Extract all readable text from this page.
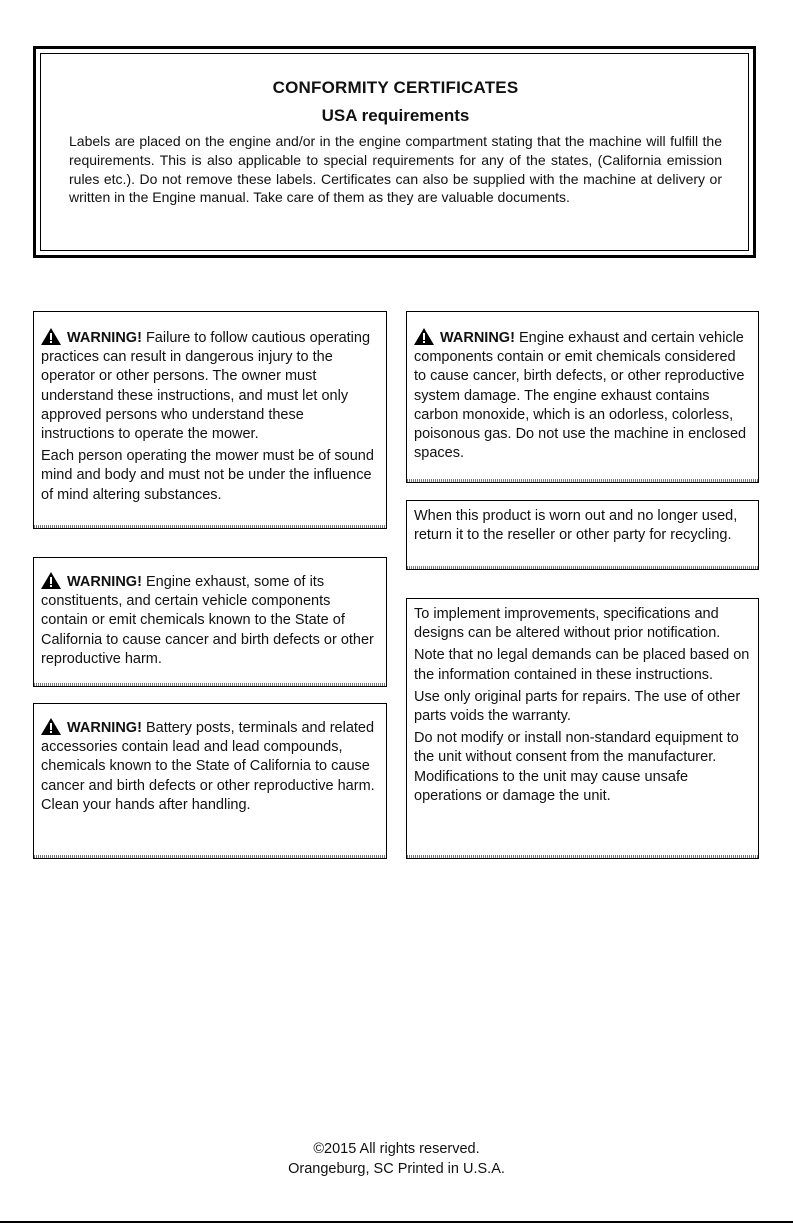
CONFORMITY CERTIFICATES
USA requirements
Labels are placed on the engine and/or in the engine compartment stating that the machine will fulfill the requirements. This is also applicable to special requirements for any of the states, (California emission rules etc.). Do not remove these labels. Certificates can also be supplied with the machine at delivery or written in the Engine manual. Take care of them as they are valuable documents.

WARNING! Failure to follow cautious operating practices can result in dangerous injury to the operator or other persons. The owner must understand these instructions, and must let only approved persons who understand these instructions to operate the mower.

Each person operating the mower must be of sound mind and body and must not be under the influence of mind altering substances.

WARNING! Engine exhaust, some of its constituents, and certain vehicle components contain or emit chemicals known to the State of California to cause cancer and birth defects or other reproductive harm.

WARNING! Battery posts, terminals and related accessories contain lead and lead compounds, chemicals known to the State of California to cause cancer and birth defects or other reproductive harm. Clean your hands after handling.

WARNING! Engine exhaust and certain vehicle components contain or emit chemicals considered to cause cancer, birth defects, or other reproductive system damage. The engine exhaust contains carbon monoxide, which is an odorless, colorless, poisonous gas. Do not use the machine in enclosed spaces.

When this product is worn out and no longer used, return it to the reseller or other party for recycling.

To implement improvements, specifications and designs can be altered without prior notification.

Note that no legal demands can be placed based on the information contained in these instructions.

Use only original parts for repairs. The use of other parts voids the warranty.

Do not modify or install non-standard equipment to the unit without consent from the manufacturer. Modifications to the unit may cause unsafe operations or damage the unit.

©2015 All rights reserved.
Orangeburg, SC Printed in U.S.A.
